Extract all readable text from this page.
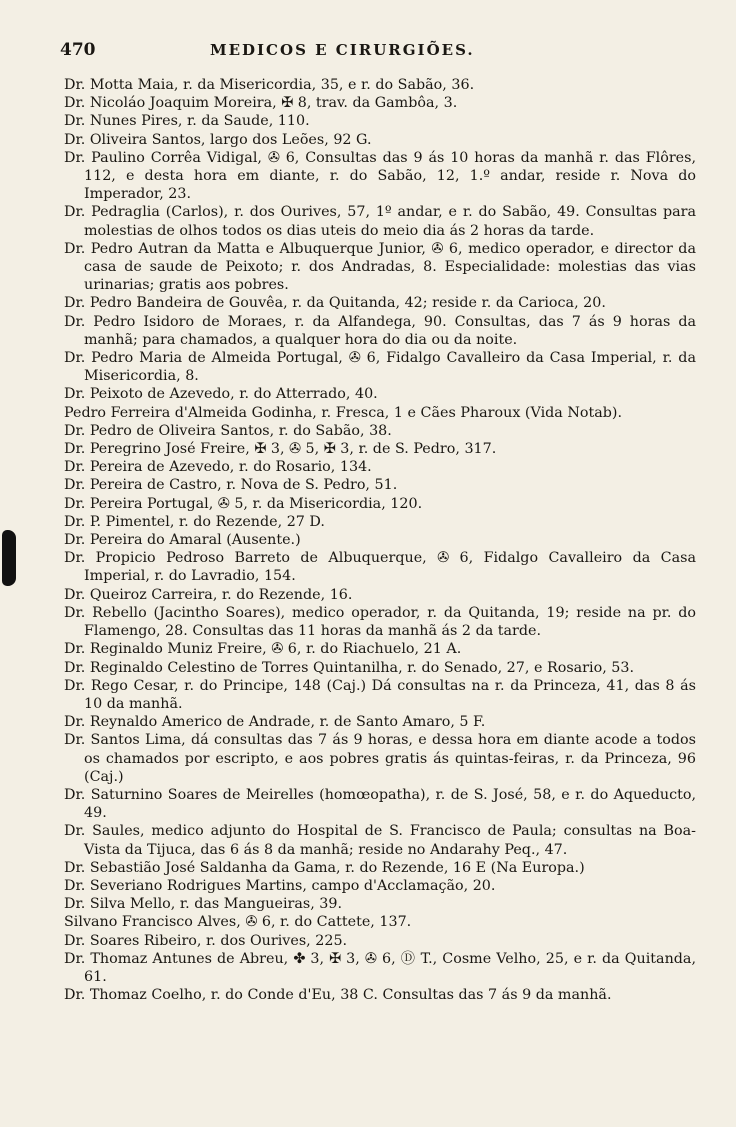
470	MEDICOS E CIRURGIÕES.
Dr. Motta Maia, r. da Misericordia, 35, e r. do Sabão, 36.
Dr. Nicoláo Joaquim Moreira, ✠ 8, trav. da Gambôa, 3.
Dr. Nunes Pires, r. da Saude, 110.
Dr. Oliveira Santos, largo dos Leões, 92 G.
Dr. Paulino Corrêa Vidigal, ✇ 6, Consultas das 9 ás 10 horas da manhã r. das Flôres, 112, e desta hora em diante, r. do Sabão, 12, 1.º andar, reside r. Nova do Imperador, 23.
Dr. Pedraglia (Carlos), r. dos Ourives, 57, 1º andar, e r. do Sabão, 49. Consultas para molestias de olhos todos os dias uteis do meio dia ás 2 horas da tarde.
Dr. Pedro Autran da Matta e Albuquerque Junior, ✇ 6, medico operador, e director da casa de saude de Peixoto; r. dos Andradas, 8. Especialidade: molestias das vias urinarias; gratis aos pobres.
Dr. Pedro Bandeira de Gouvêa, r. da Quitanda, 42; reside r. da Carioca, 20.
Dr. Pedro Isidoro de Moraes, r. da Alfandega, 90. Consultas, das 7 ás 9 horas da manhã; para chamados, a qualquer hora do dia ou da noite.
Dr. Pedro Maria de Almeida Portugal, ✇ 6, Fidalgo Cavalleiro da Casa Imperial, r. da Misericordia, 8.
Dr. Peixoto de Azevedo, r. do Atterrado, 40.
Pedro Ferreira d'Almeida Godinha, r. Fresca, 1 e Cães Pharoux (Vida Notab).
Dr. Pedro de Oliveira Santos, r. do Sabão, 38.
Dr. Peregrino José Freire, ✠ 3, ✇ 5, ✠ 3, r. de S. Pedro, 317.
Dr. Pereira de Azevedo, r. do Rosario, 134.
Dr. Pereira de Castro, r. Nova de S. Pedro, 51.
Dr. Pereira Portugal, ✇ 5, r. da Misericordia, 120.
Dr. P. Pimentel, r. do Rezende, 27 D.
Dr. Pereira do Amaral (Ausente.)
Dr. Propicio Pedroso Barreto de Albuquerque, ✇ 6, Fidalgo Cavalleiro da Casa Imperial, r. do Lavradio, 154.
Dr. Queiroz Carreira, r. do Rezende, 16.
Dr. Rebello (Jacintho Soares), medico operador, r. da Quitanda, 19; reside na pr. do Flamengo, 28. Consultas das 11 horas da manhã ás 2 da tarde.
Dr. Reginaldo Muniz Freire, ✇ 6, r. do Riachuelo, 21 A.
Dr. Reginaldo Celestino de Torres Quintanilha, r. do Senado, 27, e Rosario, 53.
Dr. Rego Cesar, r. do Principe, 148 (Caj.) Dá consultas na r. da Princeza, 41, das 8 ás 10 da manhã.
Dr. Reynaldo Americo de Andrade, r. de Santo Amaro, 5 F.
Dr. Santos Lima, dá consultas das 7 ás 9 horas, e dessa hora em diante acode a todos os chamados por escripto, e aos pobres gratis ás quintas-feiras, r. da Princeza, 96 (Caj.)
Dr. Saturnino Soares de Meirelles (homœopatha), r. de S. José, 58, e r. do Aqueducto, 49.
Dr. Saules, medico adjunto do Hospital de S. Francisco de Paula; consultas na Boa-Vista da Tijuca, das 6 ás 8 da manhã; reside no Andarahy Peq., 47.
Dr. Sebastião José Saldanha da Gama, r. do Rezende, 16 E (Na Europa.)
Dr. Severiano Rodrigues Martins, campo d'Acclamação, 20.
Dr. Silva Mello, r. das Mangueiras, 39.
Silvano Francisco Alves, ✇ 6, r. do Cattete, 137.
Dr. Soares Ribeiro, r. dos Ourives, 225.
Dr. Thomaz Antunes de Abreu, ✤ 3, ✠ 3, ✇ 6, Ⓓ T., Cosme Velho, 25, e r. da Quitanda, 61.
Dr. Thomaz Coelho, r. do Conde d'Eu, 38 C. Consultas das 7 ás 9 da manhã.
